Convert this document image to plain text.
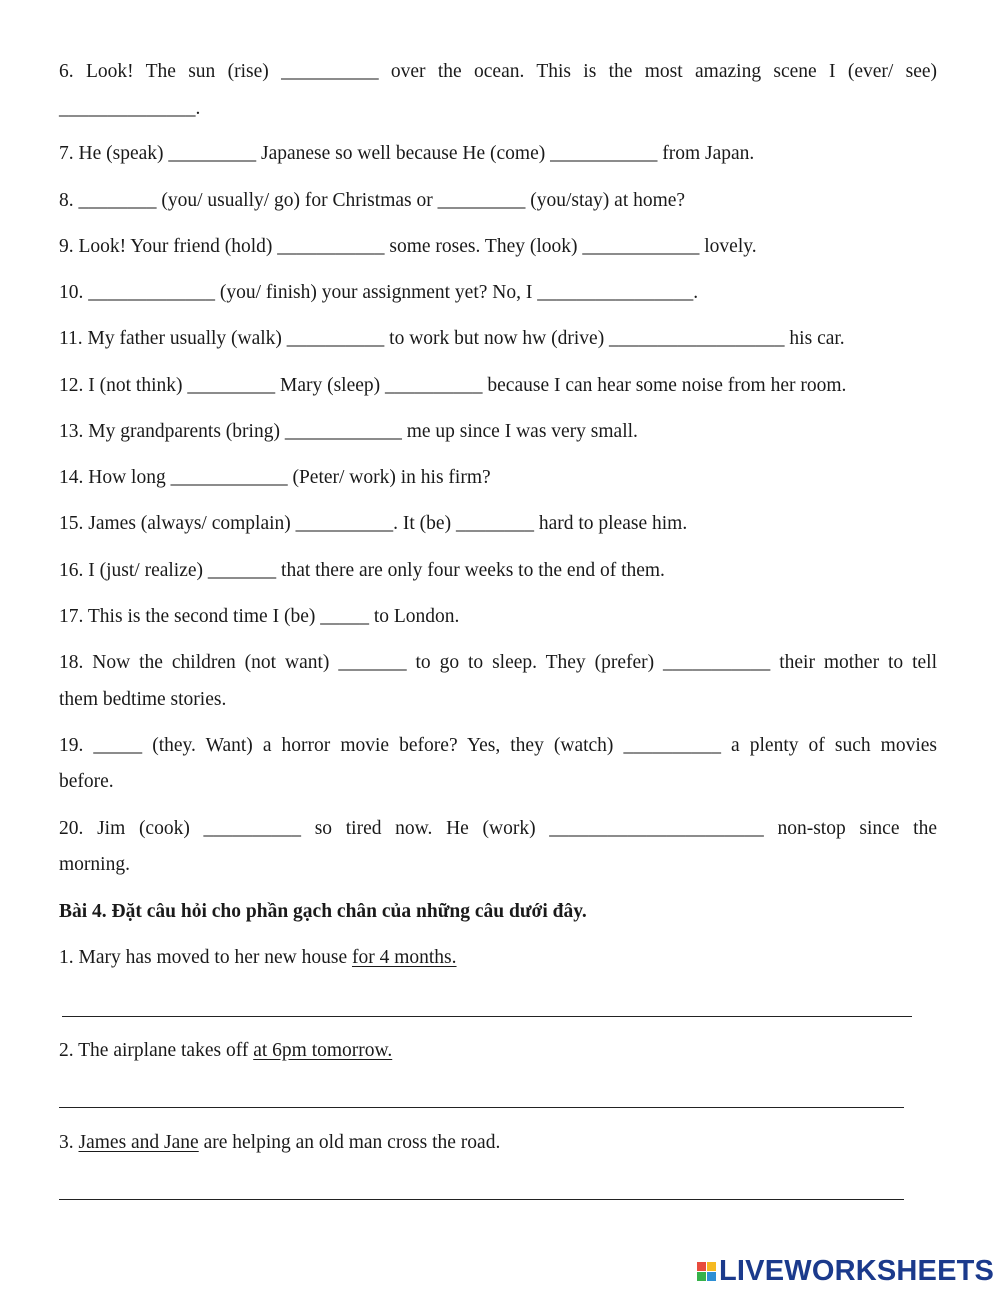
6. Look! The sun (rise) __________ over the ocean. This is the most amazing scene I (ever/ see)
______________.
7. He (speak) _________ Japanese so well because He (come) ___________ from Japan.
8. ________ (you/ usually/ go) for Christmas or _________ (you/stay) at home?
9. Look! Your friend (hold) ___________ some roses. They (look) ____________ lovely.
10. _____________ (you/ finish) your assignment yet? No, I ________________.
11. My father usually (walk) __________ to work but now hw (drive) __________________ his car.
12. I (not think) _________ Mary (sleep) __________ because I can hear some noise from her room.
13. My grandparents (bring) ____________ me up since I was very small.
14. How long ____________ (Peter/ work) in his firm?
15. James (always/ complain) __________. It (be) ________ hard to please him.
16. I (just/ realize) _______ that there are only four weeks to the end of them.
17. This is the second time I (be) _____ to London.
18. Now the children (not want) _______ to go to sleep. They (prefer) ___________ their mother to tell
them bedtime stories.
19. _____ (they. Want) a horror movie before? Yes, they (watch) __________ a plenty of such movies
before.
20. Jim (cook) __________ so tired now. He (work) ______________________ non-stop since the
morning.
Bài 4. Đặt câu hỏi cho phần gạch chân của những câu dưới đây.
1. Mary has moved to her new house for 4 months.
2. The airplane takes off at 6pm tomorrow.
3. James and Jane are helping an old man cross the road.
LIVEWORKSHEETS
